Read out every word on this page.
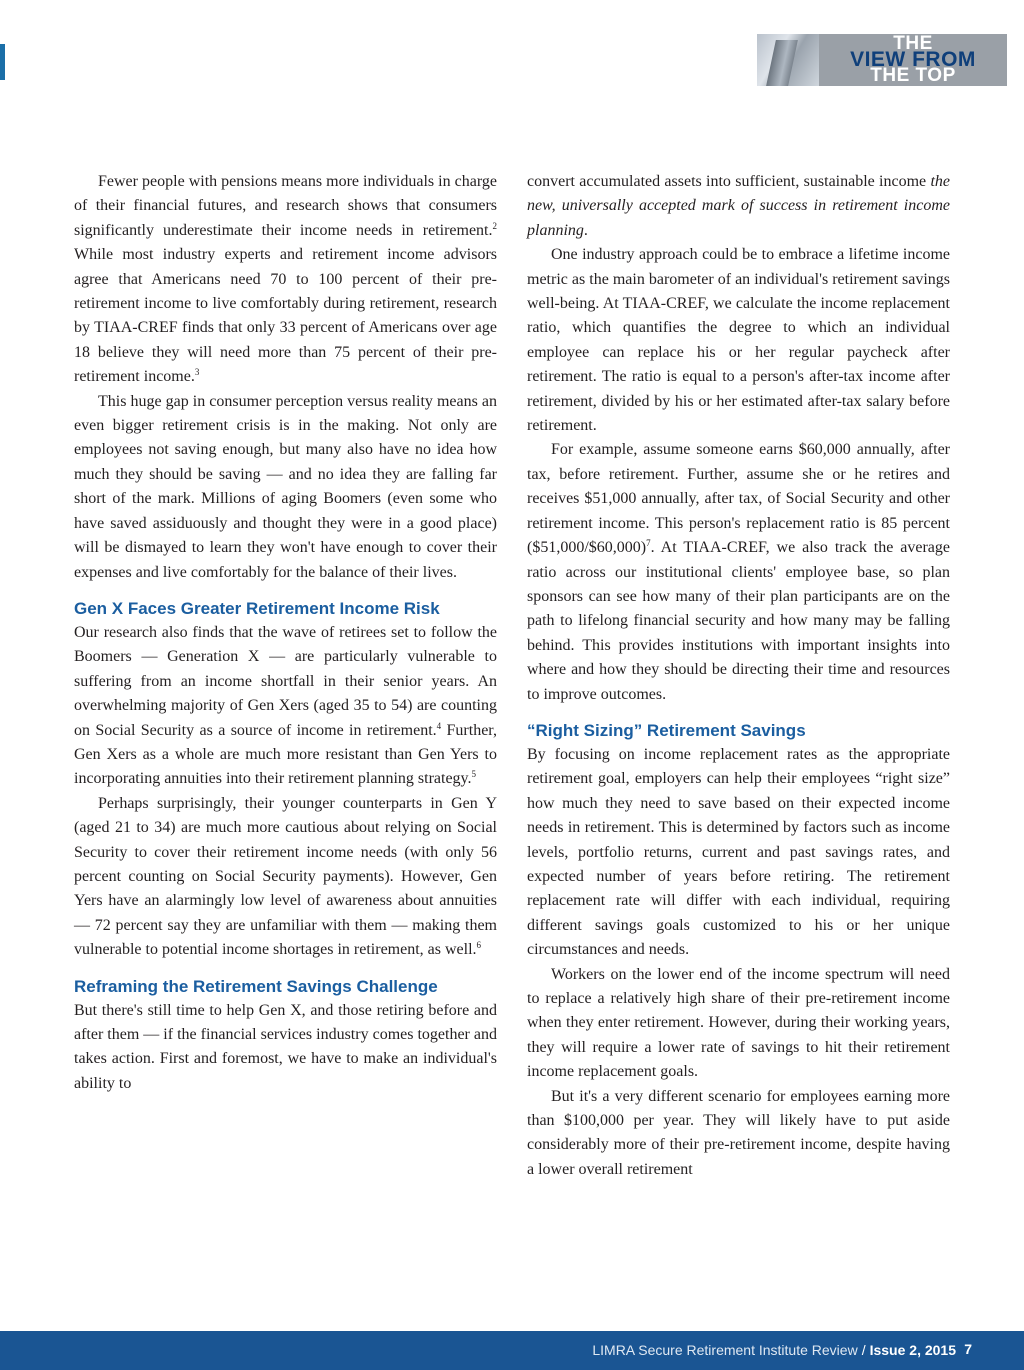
THE
VIEW FROM
THE TOP

Fewer people with pensions means more individuals in charge of their financial futures, and research shows that consumers significantly underestimate their income needs in retirement.$^2$ While most industry experts and retirement income advisors agree that Americans need 70 to 100 percent of their pre-retirement income to live comfortably during retirement, research by TIAA-CREF finds that only 33 percent of Americans over age 18 believe they will need more than 75 percent of their pre-retirement income.$^3$

This huge gap in consumer perception versus reality means an even bigger retirement crisis is in the making. Not only are employees not saving enough, but many also have no idea how much they should be saving — and no idea they are falling far short of the mark. Millions of aging Boomers (even some who have saved assiduously and thought they were in a good place) will be dismayed to learn they won't have enough to cover their expenses and live comfortably for the balance of their lives.

Gen X Faces Greater Retirement Income Risk

Our research also finds that the wave of retirees set to follow the Boomers — Generation X — are particularly vulnerable to suffering from an income shortfall in their senior years. An overwhelming majority of Gen Xers (aged 35 to 54) are counting on Social Security as a source of income in retirement.$^4$ Further, Gen Xers as a whole are much more resistant than Gen Yers to incorporating annuities into their retirement planning strategy.$^5$

Perhaps surprisingly, their younger counterparts in Gen Y (aged 21 to 34) are much more cautious about relying on Social Security to cover their retirement income needs (with only 56 percent counting on Social Security payments). However, Gen Yers have an alarmingly low level of awareness about annuities — 72 percent say they are unfamiliar with them — making them vulnerable to potential income shortages in retirement, as well.$^6$

Reframing the Retirement Savings Challenge

But there's still time to help Gen X, and those retiring before and after them — if the financial services industry comes together and takes action. First and foremost, we have to make an individual's ability to

convert accumulated assets into sufficient, sustainable income the new, universally accepted mark of success in retirement income planning.

One industry approach could be to embrace a lifetime income metric as the main barometer of an individual's retirement savings well-being. At TIAA-CREF, we calculate the income replacement ratio, which quantifies the degree to which an individual employee can replace his or her regular paycheck after retirement. The ratio is equal to a person's after-tax income after retirement, divided by his or her estimated after-tax salary before retirement.

For example, assume someone earns $60,000 annually, after tax, before retirement. Further, assume she or he retires and receives $51,000 annually, after tax, of Social Security and other retirement income. This person's replacement ratio is 85 percent ($51,000/$60,000)$^7$. At TIAA-CREF, we also track the average ratio across our institutional clients' employee base, so plan sponsors can see how many of their plan participants are on the path to lifelong financial security and how many may be falling behind. This provides institutions with important insights into where and how they should be directing their time and resources to improve outcomes.

“Right Sizing” Retirement Savings

By focusing on income replacement rates as the appropriate retirement goal, employers can help their employees “right size” how much they need to save based on their expected income needs in retirement. This is determined by factors such as income levels, portfolio returns, current and past savings rates, and expected number of years before retiring. The retirement replacement rate will differ with each individual, requiring different savings goals customized to his or her unique circumstances and needs.

Workers on the lower end of the income spectrum will need to replace a relatively high share of their pre-retirement income when they enter retirement. However, during their working years, they will require a lower rate of savings to hit their retirement income replacement goals.

But it's a very different scenario for employees earning more than $100,000 per year. They will likely have to put aside considerably more of their pre-retirement income, despite having a lower overall retirement

LIMRA Secure Retirement Institute Review / Issue 2, 2015 7
